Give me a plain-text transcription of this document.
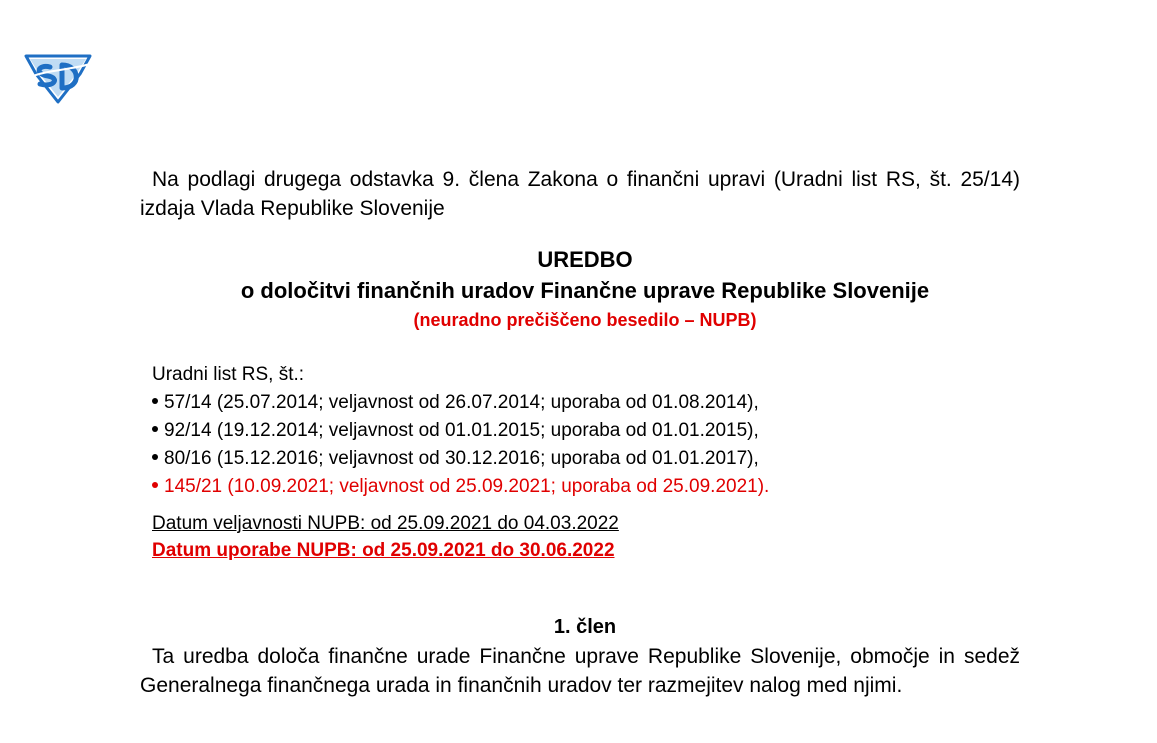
Na podlagi drugega odstavka 9. člena Zakona o finančni upravi (Uradni list RS, št. 25/14) izdaja Vlada Republike Slovenije
UREDBO
o določitvi finančnih uradov Finančne uprave Republike Slovenije
(neuradno prečiščeno besedilo – NUPB)
Uradni list RS, št.:
57/14 (25.07.2014; veljavnost od 26.07.2014; uporaba od 01.08.2014),
92/14 (19.12.2014; veljavnost od 01.01.2015; uporaba od 01.01.2015),
80/16 (15.12.2016; veljavnost od 30.12.2016; uporaba od 01.01.2017),
145/21 (10.09.2021; veljavnost od 25.09.2021; uporaba od 25.09.2021).
Datum veljavnosti NUPB: od 25.09.2021 do 04.03.2022
Datum uporabe NUPB: od 25.09.2021 do 30.06.2022
1. člen
Ta uredba določa finančne urade Finančne uprave Republike Slovenije, območje in sedež Generalnega finančnega urada in finančnih uradov ter razmejitev nalog med njimi.
